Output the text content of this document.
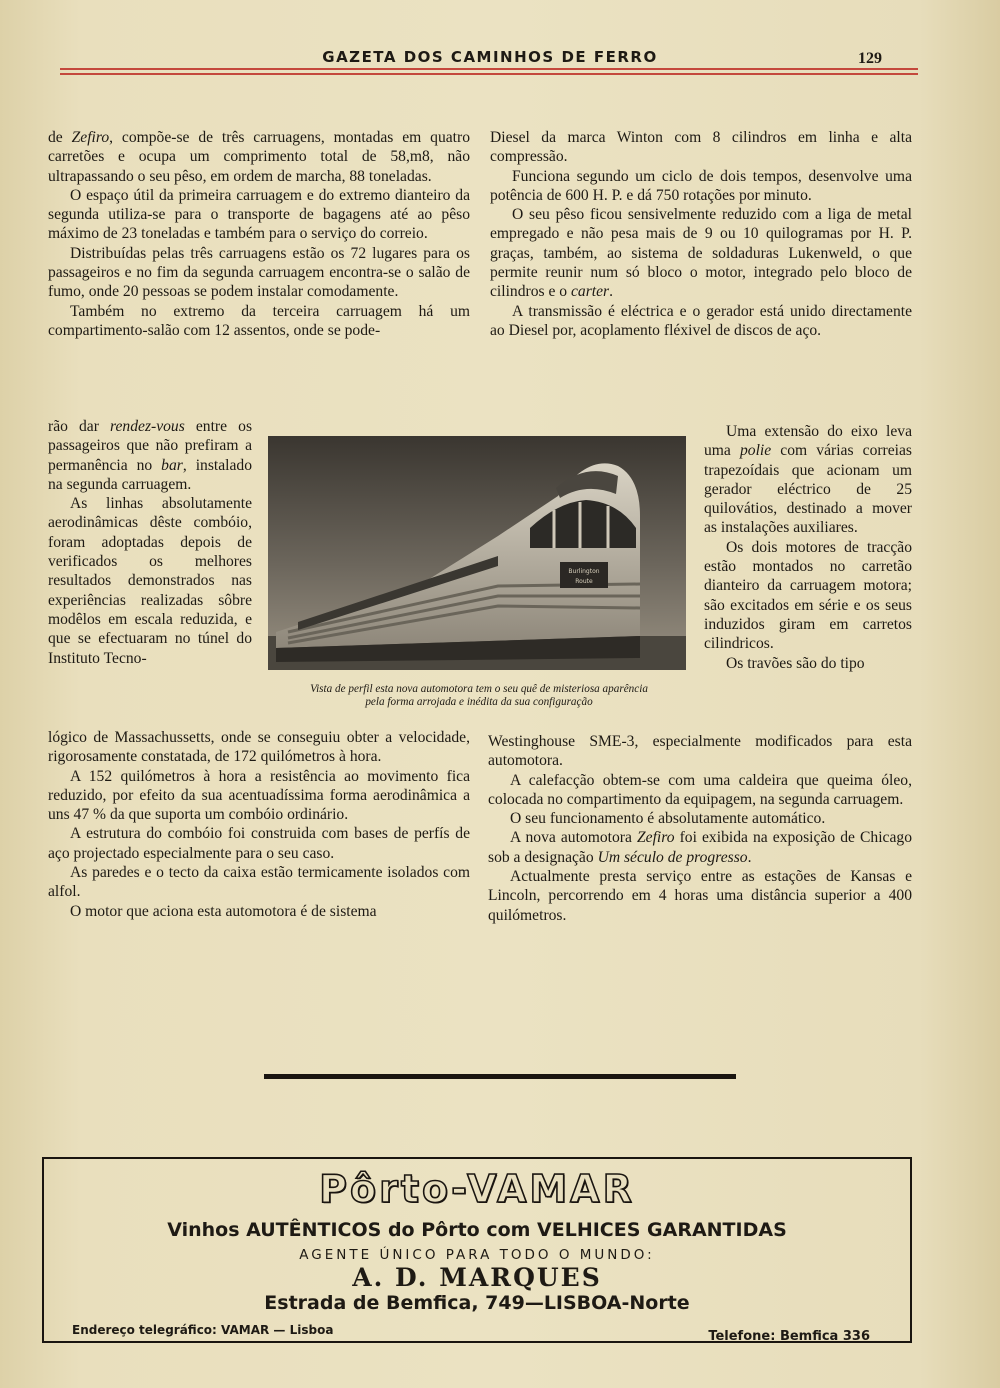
GAZETA DOS CAMINHOS DE FERRO	129

de Zefiro, compõe-se de três carruagens, montadas em quatro carretões e ocupa um comprimento total de 58,m8, não ultrapassando o seu pêso, em ordem de marcha, 88 toneladas.

O espaço útil da primeira carruagem e do extremo dianteiro da segunda utiliza-se para o transporte de bagagens até ao pêso máximo de 23 toneladas e também para o serviço do correio.

Distribuídas pelas três carruagens estão os 72 lugares para os passageiros e no fim da segunda carruagem encontra-se o salão de fumo, onde 20 pessoas se podem instalar comodamente.

Também no extremo da terceira carruagem há um compartimento-salão com 12 assentos, onde se pode-

rão dar rendez-vous entre os passageiros que não prefiram a permanência no bar, instalado na segunda carruagem.

As linhas absolutamente aerodinâmicas dêste combóio, foram adoptadas depois de verificados os melhores resultados demonstrados nas experiências realizadas sôbre modêlos em escala reduzida, e que se efectuaram no túnel do Instituto Tecno-

lógico de Massachussetts, onde se conseguiu obter a velocidade, rigorosamente constatada, de 172 quilómetros à hora.

A 152 quilómetros à hora a resistência ao movimento fica reduzido, por efeito da sua acentuadíssima forma aerodinâmica a uns 47 % da que suporta um combóio ordinário.

A estrutura do combóio foi construida com bases de perfís de aço projectado especialmente para o seu caso.

As paredes e o tecto da caixa estão termicamente isolados com alfol.

O motor que aciona esta automotora é de sistema

Diesel da marca Winton com 8 cilindros em linha e alta compressão.

Funciona segundo um ciclo de dois tempos, desenvolve uma potência de 600 H. P. e dá 750 rotações por minuto.

O seu pêso ficou sensivelmente reduzido com a liga de metal empregado e não pesa mais de 9 ou 10 quilogramas por H. P. graças, também, ao sistema de soldaduras Lukenweld, o que permite reunir num só bloco o motor, integrado pelo bloco de cilindros e o carter.

A transmissão é eléctrica e o gerador está unido directamente ao Diesel por, acoplamento fléxivel de discos de aço.

Uma extensão do eixo leva uma polie com várias correias trapezoídais que acionam um gerador eléctrico de 25 quilovátios, destinado a mover as instalações auxiliares.

Os dois motores de tracção estão montados no carretão dianteiro da carruagem motora; são excitados em série e os seus induzidos giram em carretos cilindricos.

Os travões são do tipo

Westinghouse SME-3, especialmente modificados para esta automotora.

A calefacção obtem-se com uma caldeira que queima óleo, colocada no compartimento da equipagem, na segunda carruagem.

O seu funcionamento é absolutamente automático.

A nova automotora Zefiro foi exibida na exposição de Chicago sob a designação Um século de progresso.

Actualmente presta serviço entre as estações de Kansas e Lincoln, percorrendo em 4 horas uma distância superior a 400 quilómetros.

Burlington
Route
Vista de perfil esta nova automotora tem o seu quê de misteriosa aparência
pela forma arrojada e inédita da sua configuração
Pôrto-VAMAR
Vinhos AUTÊNTICOS do Pôrto com VELHICES GARANTIDAS
AGENTE ÚNICO PARA TODO O MUNDO:
A. D. MARQUES
Estrada de Bemfica, 749—LISBOA-Norte
Endereço telegráfico: VAMAR — Lisboa	Telefone: Bemfica 336
